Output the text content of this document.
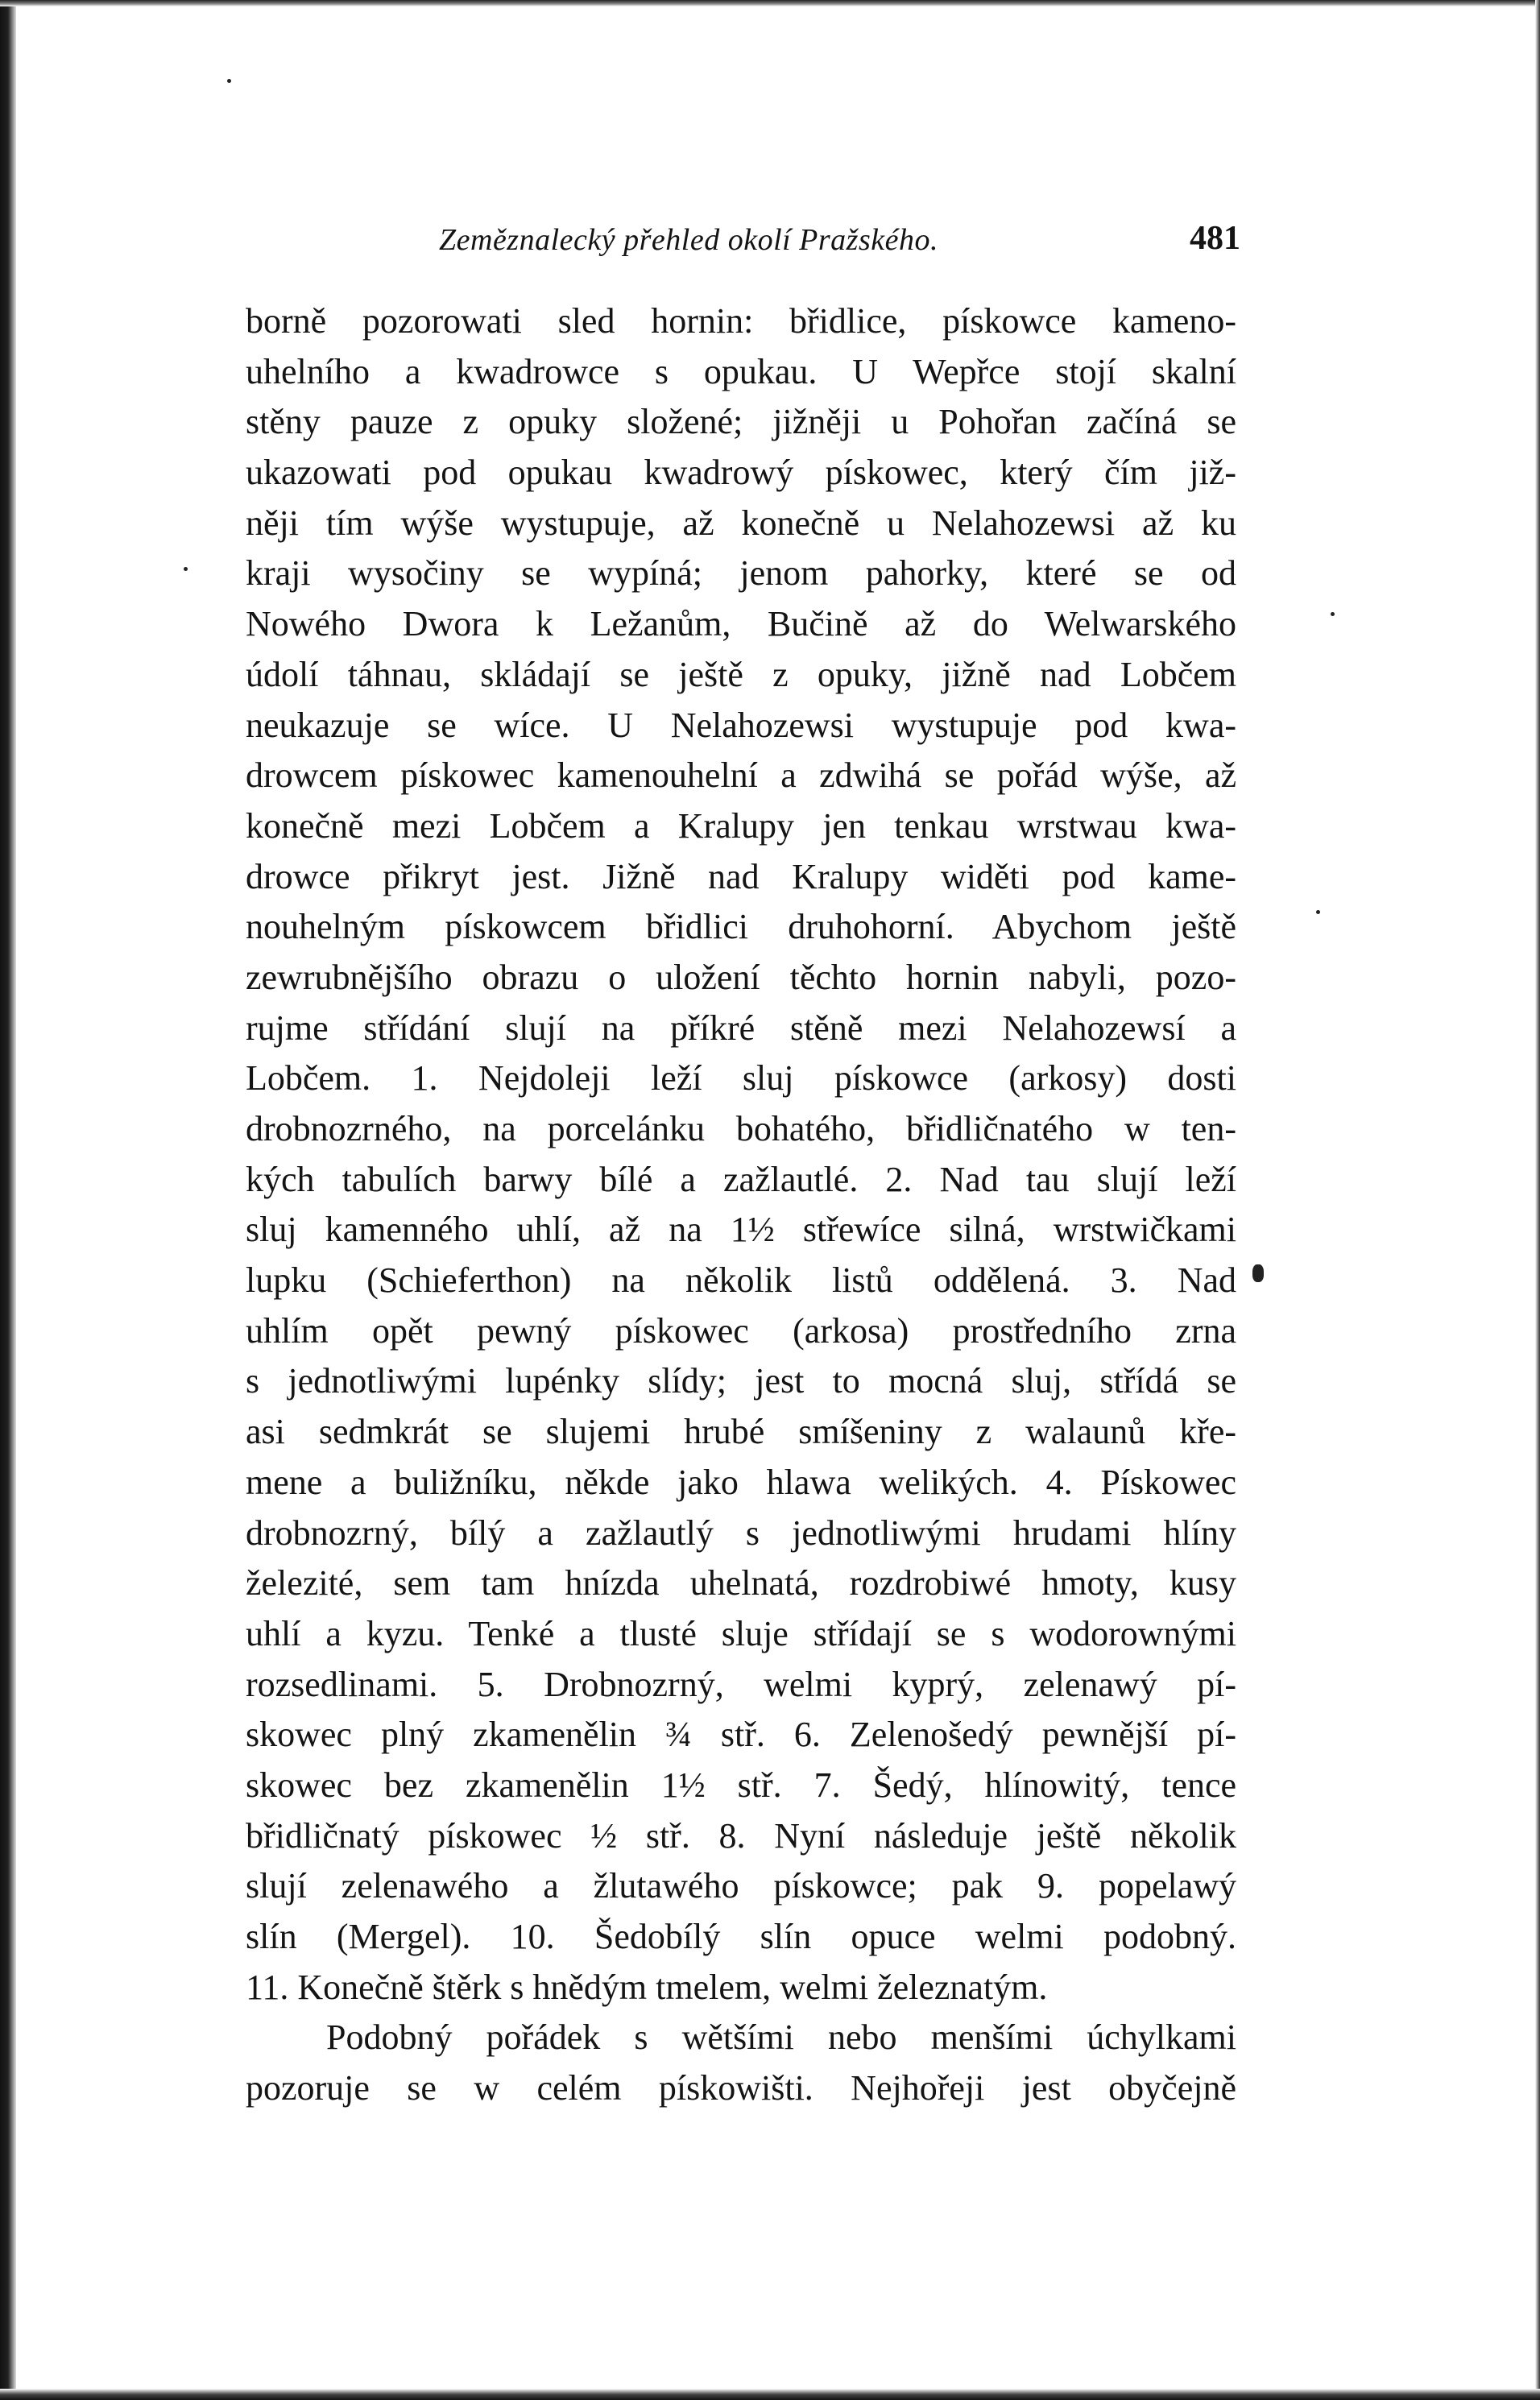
Zeměznalecký přehled okolí Pražského.	481
borně pozorowati sled hornin: břidlice, pískowce kameno-
uhelního a kwadrowce s opukau. U Wepřce stojí skalní
stěny pauze z opuky složené; jižněji u Pohořan začíná se
ukazowati pod opukau kwadrowý pískowec, který čím již-
něji tím wýše wystupuje, až konečně u Nelahozewsi až ku
kraji wysočiny se wypíná; jenom pahorky, které se od
Nowého Dwora k Ležanům, Bučině až do Welwarského
údolí táhnau, skládají se ještě z opuky, jižně nad Lobčem
neukazuje se wíce. U Nelahozewsi wystupuje pod kwa-
drowcem pískowec kamenouhelní a zdwihá se pořád wýše, až
konečně mezi Lobčem a Kralupy jen tenkau wrstwau kwa-
drowce přikryt jest. Jižně nad Kralupy widěti pod kame-
nouhelným pískowcem břidlici druhohorní. Abychom ještě
zewrubnějšího obrazu o uložení těchto hornin nabyli, pozo-
rujme střídání slují na příkré stěně mezi Nelahozewsí a
Lobčem. 1. Nejdoleji leží sluj pískowce (arkosy) dosti
drobnozrného, na porcelánku bohatého, břidličnatého w ten-
kých tabulích barwy bílé a zažlautlé. 2. Nad tau slují leží
sluj kamenného uhlí, až na 1½ střewíce silná, wrstwičkami
lupku (Schieferthon) na několik listů oddělená. 3. Nad
uhlím opět pewný pískowec (arkosa) prostředního zrna
s jednotliwými lupénky slídy; jest to mocná sluj, střídá se
asi sedmkrát se slujemi hrubé smíšeniny z walaunů kře-
mene a buližníku, někde jako hlawa welikých. 4. Pískowec
drobnozrný, bílý a zažlautlý s jednotliwými hrudami hlíny
železité, sem tam hnízda uhelnatá, rozdrobiwé hmoty, kusy
uhlí a kyzu. Tenké a tlusté sluje střídají se s wodorownými
rozsedlinami. 5. Drobnozrný, welmi kyprý, zelenawý pí-
skowec plný zkamenělin ¾ stř. 6. Zelenošedý pewnější pí-
skowec bez zkamenělin 1½ stř. 7. Šedý, hlínowitý, tence
břidličnatý pískowec ½ stř. 8. Nyní následuje ještě několik
slují zelenawého a žlutawého pískowce; pak 9. popelawý
slín (Mergel). 10. Šedobílý slín opuce welmi podobný.
11. Konečně štěrk s hnědým tmelem, welmi železnatým.
Podobný pořádek s wětšími nebo menšími úchylkami
pozoruje se w celém pískowišti. Nejhořeji jest obyčejně
